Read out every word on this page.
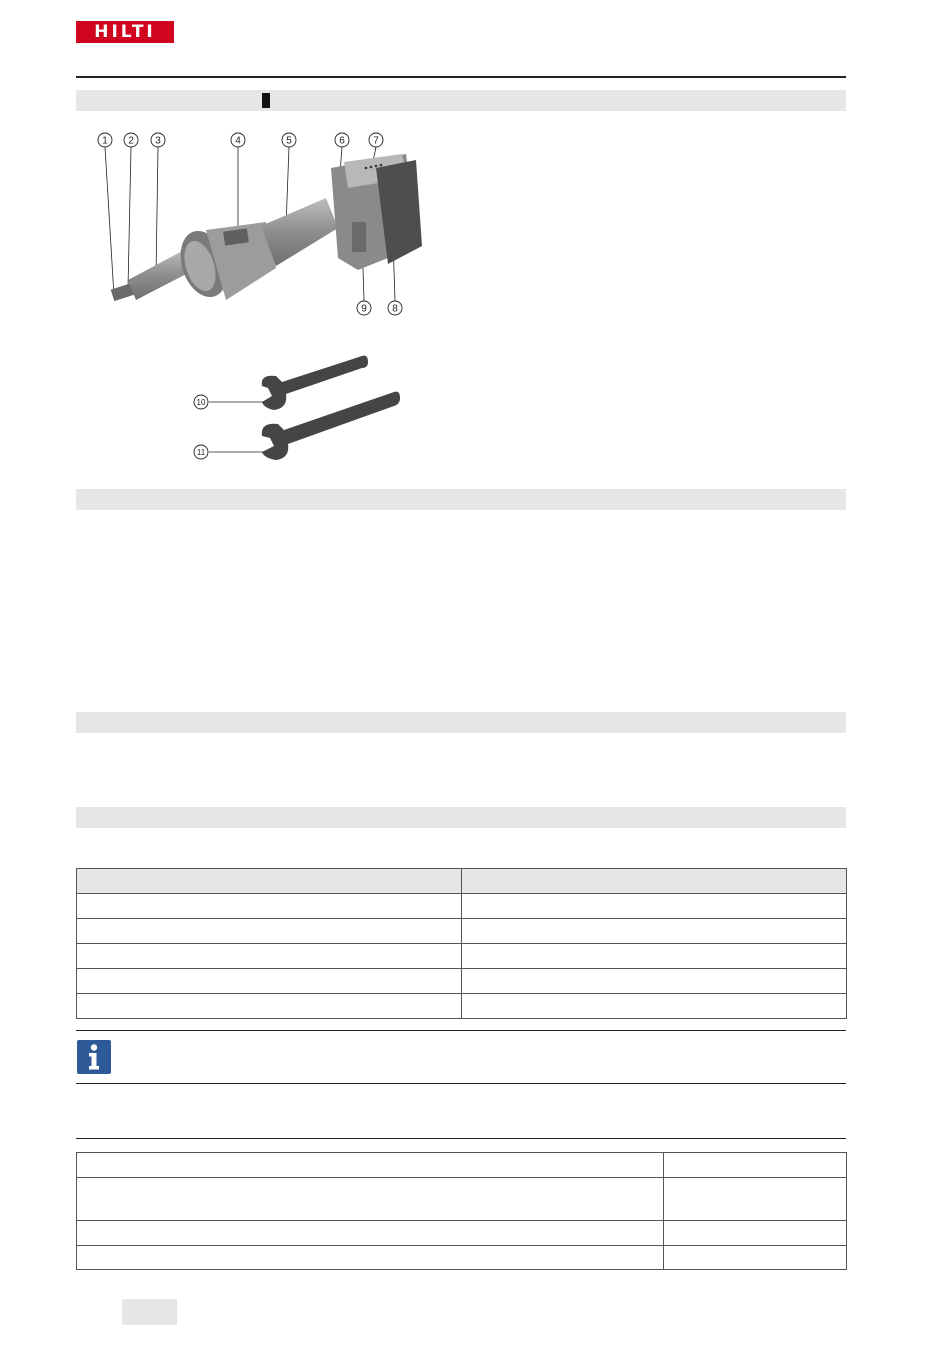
HILTI
1 2 3	4	5	6	7
8
9
10
11
